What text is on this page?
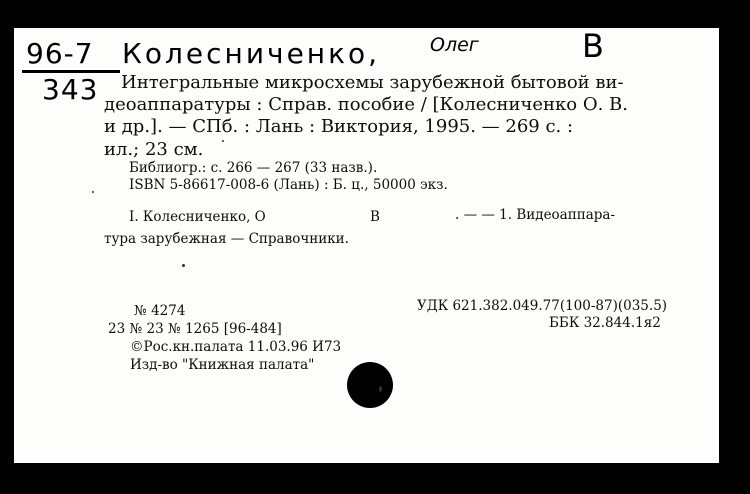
96-7
343
Колесниченко,	Олег	В
Интегральные микросхемы зарубежной бытовой ви-
деоаппаратуры : Справ. пособие / [Колесниченко О. В.
и др.]. — СПб. : Лань : Виктория, 1995. — 269 с. :
ил.; 23 см.
Библиогр.: с. 266 — 267 (33 назв.).
ISBN 5-86617-008-6 (Лань) : Б. ц., 50000 экз.
I. Колесниченко, О	В	. — — 1. Видеоаппара-
тура зарубежная — Справочники.
№ 4274
23 № 23 № 1265 [96-484]
©Рос.кн.палата 11.03.96 И73
Изд-во "Книжная палата"
УДК 621.382.049.77(100-87)(035.5)
ББК 32.844.1я2
